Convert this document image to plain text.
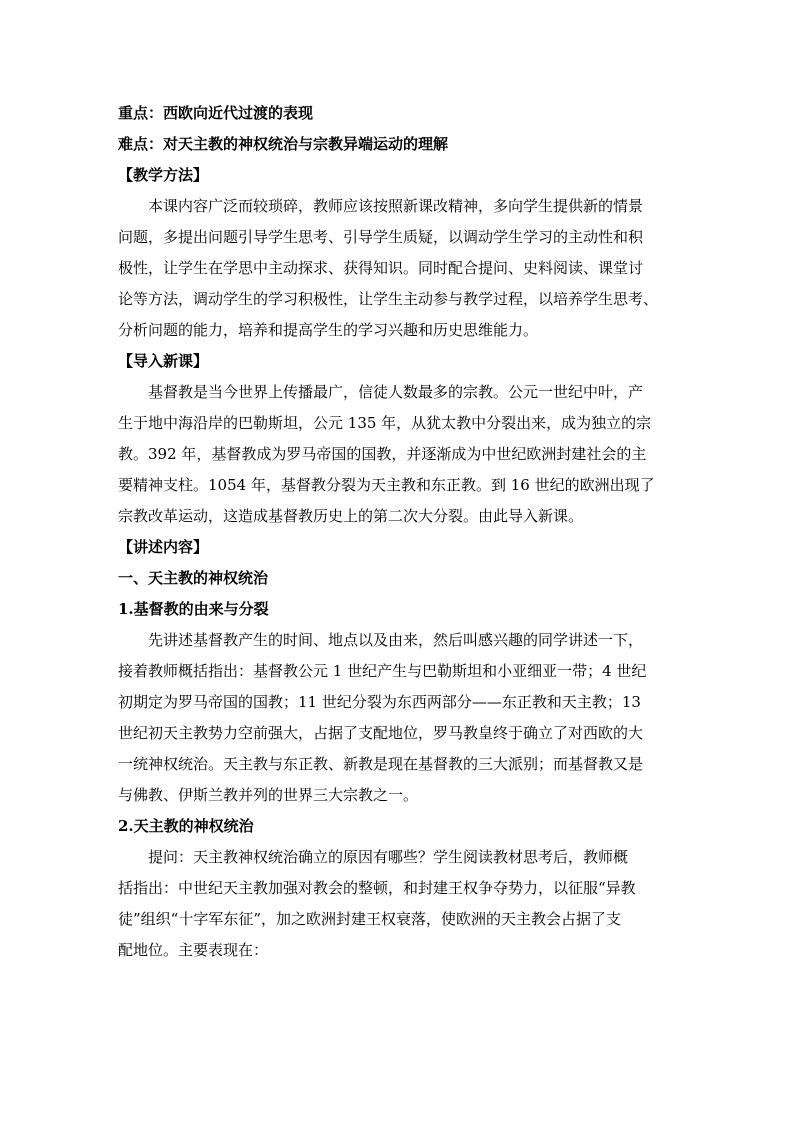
重点：西欧向近代过渡的表现

难点：对天主教的神权统治与宗教异端运动的理解

【教学方法】

本课内容广泛而较琐碎，教师应该按照新课改精神，多向学生提供新的情景
问题，多提出问题引导学生思考、引导学生质疑，以调动学生学习的主动性和积
极性，让学生在学思中主动探求、获得知识。同时配合提问、史料阅读、课堂讨
论等方法，调动学生的学习积极性，让学生主动参与教学过程，以培养学生思考、
分析问题的能力，培养和提高学生的学习兴趣和历史思维能力。

【导入新课】

基督教是当今世界上传播最广，信徒人数最多的宗教。公元一世纪中叶，产
生于地中海沿岸的巴勒斯坦，公元 135 年，从犹太教中分裂出来，成为独立的宗
教。392 年，基督教成为罗马帝国的国教，并逐渐成为中世纪欧洲封建社会的主
要精神支柱。1054 年，基督教分裂为天主教和东正教。到 16 世纪的欧洲出现了
宗教改革运动，这造成基督教历史上的第二次大分裂。由此导入新课。

【讲述内容】

一、天主教的神权统治

1.基督教的由来与分裂

先讲述基督教产生的时间、地点以及由来，然后叫感兴趣的同学讲述一下，
接着教师概括指出：基督教公元 1 世纪产生与巴勒斯坦和小亚细亚一带；4 世纪
初期定为罗马帝国的国教；11 世纪分裂为东西两部分——东正教和天主教；13
世纪初天主教势力空前强大，占据了支配地位，罗马教皇终于确立了对西欧的大
一统神权统治。天主教与东正教、新教是现在基督教的三大派别；而基督教又是
与佛教、伊斯兰教并列的世界三大宗教之一。

2.天主教的神权统治

提问：天主教神权统治确立的原因有哪些？学生阅读教材思考后，教师概
括指出：中世纪天主教加强对教会的整顿，和封建王权争夺势力，以征服“异教
徒”组织“十字军东征”，加之欧洲封建王权衰落，使欧洲的天主教会占据了支
配地位。主要表现在：
